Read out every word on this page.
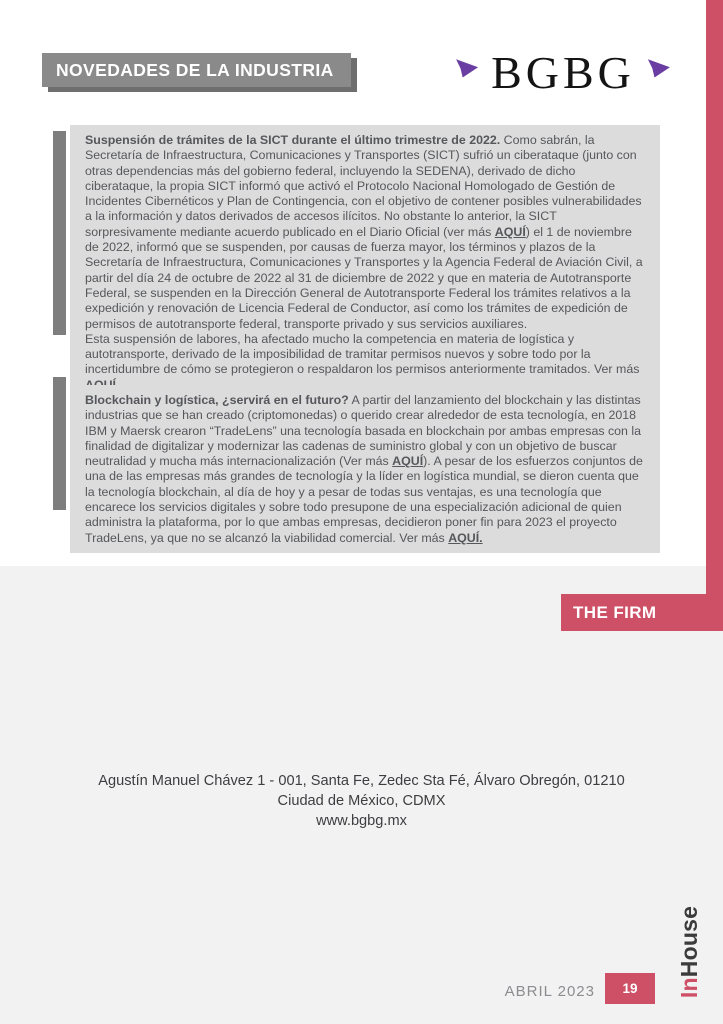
NOVEDADES DE LA INDUSTRIA	BGBG
Suspensión de trámites de la SICT durante el último trimestre de 2022. Como sabrán, la Secretaría de Infraestructura, Comunicaciones y Transportes (SICT) sufrió un ciberataque (junto con otras dependencias más del gobierno federal, incluyendo la SEDENA), derivado de dicho ciberataque, la propia SICT informó que activó el Protocolo Nacional Homologado de Gestión de Incidentes Cibernéticos y Plan de Contingencia, con el objetivo de contener posibles vulnerabilidades a la información y datos derivados de accesos ilícitos. No obstante lo anterior, la SICT sorpresivamente mediante acuerdo publicado en el Diario Oficial (ver más AQUÍ) el 1 de noviembre de 2022, informó que se suspenden, por causas de fuerza mayor, los términos y plazos de la Secretaría de Infraestructura, Comunicaciones y Transportes y la Agencia Federal de Aviación Civil, a partir del día 24 de octubre de 2022 al 31 de diciembre de 2022 y que en materia de Autotransporte Federal, se suspenden en la Dirección General de Autotransporte Federal los trámites relativos a la expedición y renovación de Licencia Federal de Conductor, así como los trámites de expedición de permisos de autotransporte federal, transporte privado y sus servicios auxiliares.
Esta suspensión de labores, ha afectado mucho la competencia en materia de logística y autotransporte, derivado de la imposibilidad de tramitar permisos nuevos y sobre todo por la incertidumbre de cómo se protegieron o respaldaron los permisos anteriormente tramitados. Ver más
Blockchain y logística, ¿servirá en el futuro? A partir del lanzamiento del blockchain y las distintas industrias que se han creado (criptomonedas) o querido crear alrededor de esta tecnología, en 2018 IBM y Maersk crearon “TradeLens” una tecnología basada en blockchain por ambas empresas con la finalidad de digitalizar y modernizar las cadenas de suministro global y con un objetivo de buscar neutralidad y mucha más internacionalización (Ver más AQUÍ). A pesar de los esfuerzos conjuntos de una de las empresas más grandes de tecnología y la líder en logística mundial, se dieron cuenta que la tecnología blockchain, al día de hoy y a pesar de todas sus ventajas, es una tecnología que encarece los servicios digitales y sobre todo presupone de una especialización adicional de quien administra la plataforma, por lo que ambas empresas, decidieron poner fin para 2023 el proyecto TradeLens, ya que no se alcanzó la viabilidad comercial. Ver más AQUÍ.
THE FIRM
Agustín Manuel Chávez 1 - 001, Santa Fe, Zedec Sta Fé, Álvaro Obregón, 01210
Ciudad de México, CDMX
www.bgbg.mx
ABRIL 2023 19 In
House
